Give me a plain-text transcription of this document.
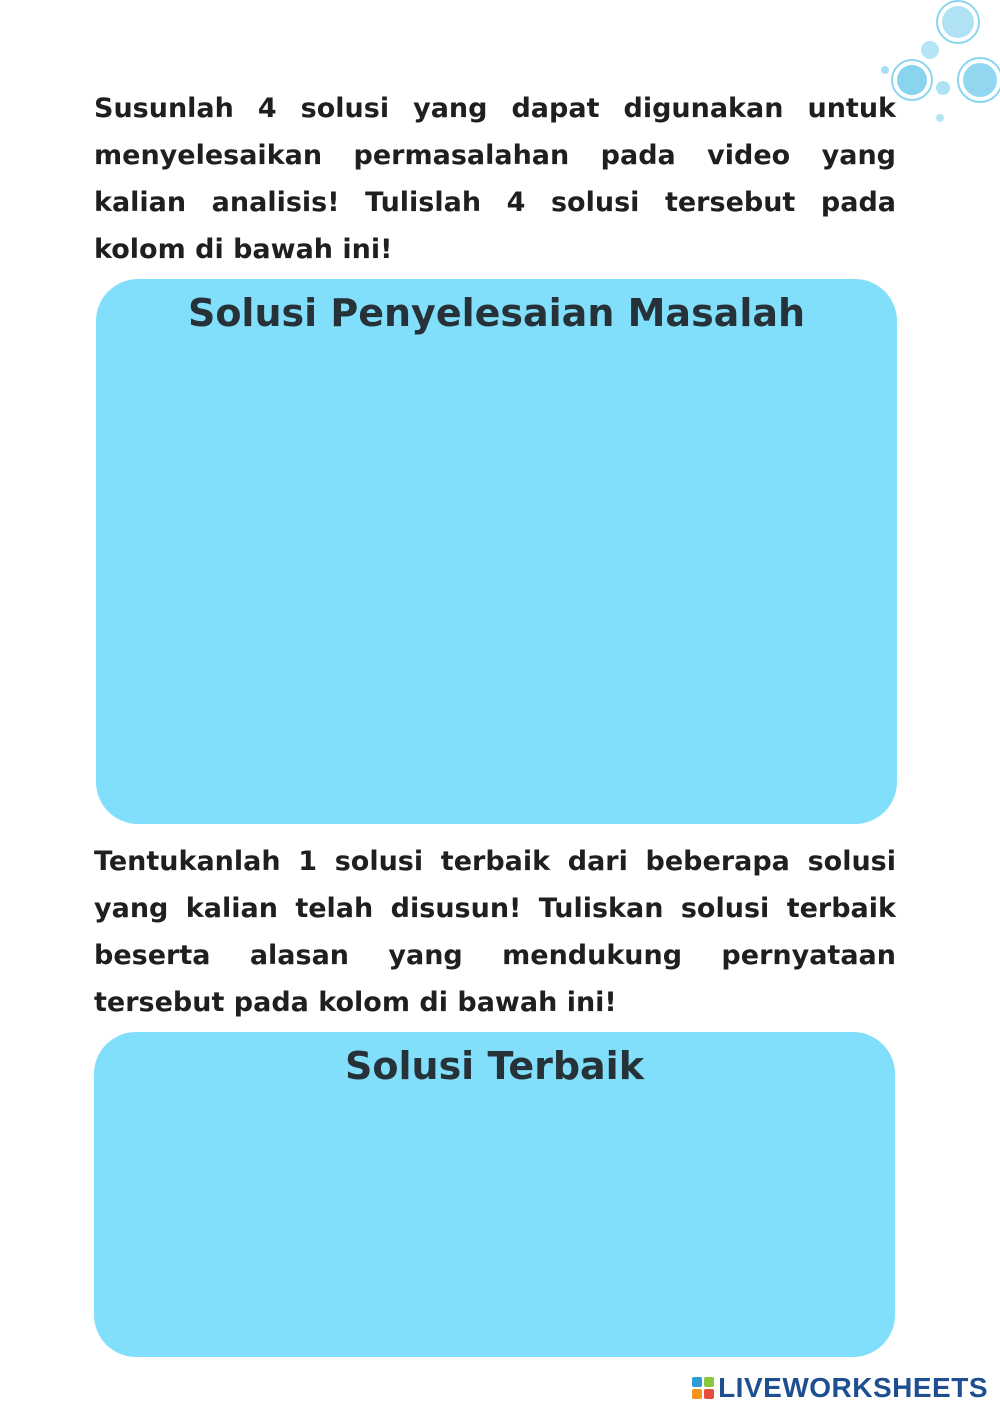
Susunlah 4 solusi yang dapat digunakan untuk menyelesaikan permasalahan pada video yang kalian analisis! Tulislah 4 solusi tersebut pada kolom di bawah ini!

Solusi Penyelesaian Masalah

Tentukanlah 1 solusi terbaik dari beberapa solusi yang kalian telah disusun! Tuliskan solusi terbaik beserta alasan yang mendukung pernyataan tersebut pada kolom di bawah ini!

Solusi Terbaik
LIVEWORKSHEETS
